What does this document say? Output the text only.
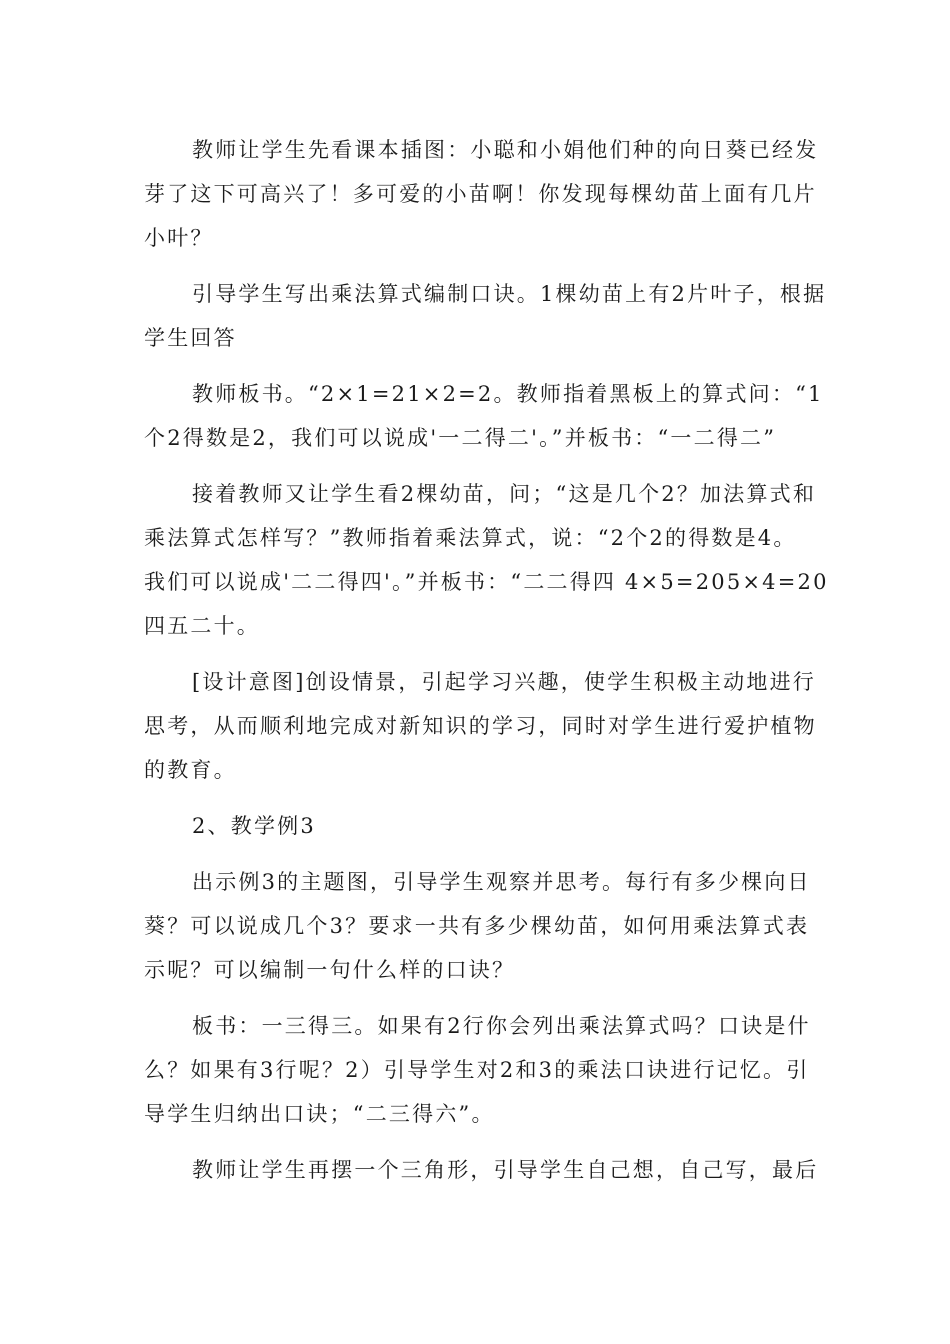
教师让学生先看课本插图：小聪和小娟他们种的向日葵已经发
芽了这下可高兴了！多可爱的小苗啊！你发现每棵幼苗上面有几片
小叶？

引导学生写出乘法算式编制口诀。1棵幼苗上有2片叶子，根据
学生回答

教师板书。“2×1=21×2=2。教师指着黑板上的算式问：“1
个2得数是2，我们可以说成'一二得二'。”并板书：“一二得二”

接着教师又让学生看2棵幼苗，问；“这是几个2？加法算式和
乘法算式怎样写？”教师指着乘法算式，说：“2个2的得数是4。
我们可以说成'二二得四'。”并板书：“二二得四 4×5=205×4=20
四五二十。

[设计意图]创设情景，引起学习兴趣，使学生积极主动地进行
思考，从而顺利地完成对新知识的学习，同时对学生进行爱护植物
的教育。

2、教学例3

出示例3的主题图，引导学生观察并思考。每行有多少棵向日
葵？可以说成几个3？要求一共有多少棵幼苗，如何用乘法算式表
示呢？可以编制一句什么样的口诀？

板书：一三得三。如果有2行你会列出乘法算式吗？口诀是什
么？如果有3行呢？2）引导学生对2和3的乘法口诀进行记忆。引
导学生归纳出口诀；“二三得六”。

教师让学生再摆一个三角形，引导学生自己想，自己写，最后
